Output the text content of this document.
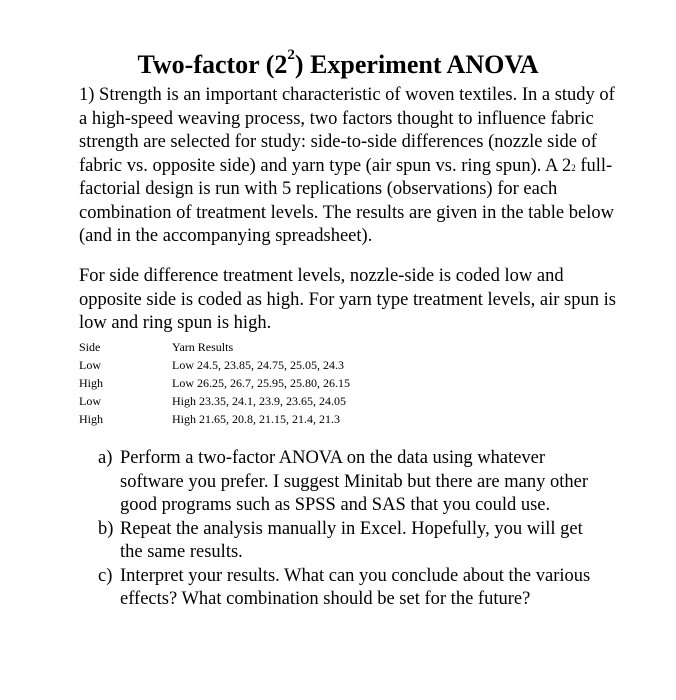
Two-factor $(2^2)$ Experiment ANOVA
1) Strength is an important characteristic of woven textiles. In a study of a high-speed weaving process, two factors thought to influence fabric strength are selected for study: side-to-side differences (nozzle side of fabric vs. opposite side) and yarn type (air spun vs. ring spun). A $2^2$ full-factorial design is run with 5 replications (observations) for each combination of treatment levels. The results are given in the table below (and in the accompanying spreadsheet).
For side difference treatment levels, nozzle-side is coded low and opposite side is coded as high. For yarn type treatment levels, air spun is low and ring spun is high.
Side	Yarn Results
Low	Low 24.5, 23.85, 24.75, 25.05, 24.3
High	Low 26.25, 26.7, 25.95, 25.80, 26.15
Low	High 23.35, 24.1, 23.9, 23.65, 24.05
High	High 21.65, 20.8, 21.15, 21.4, 21.3
a) Perform a two-factor ANOVA on the data using whatever software you prefer. I suggest Minitab but there are many other good programs such as SPSS and SAS that you could use.
b) Repeat the analysis manually in Excel. Hopefully, you will get the same results.
c) Interpret your results. What can you conclude about the various effects? What combination should be set for the future?
